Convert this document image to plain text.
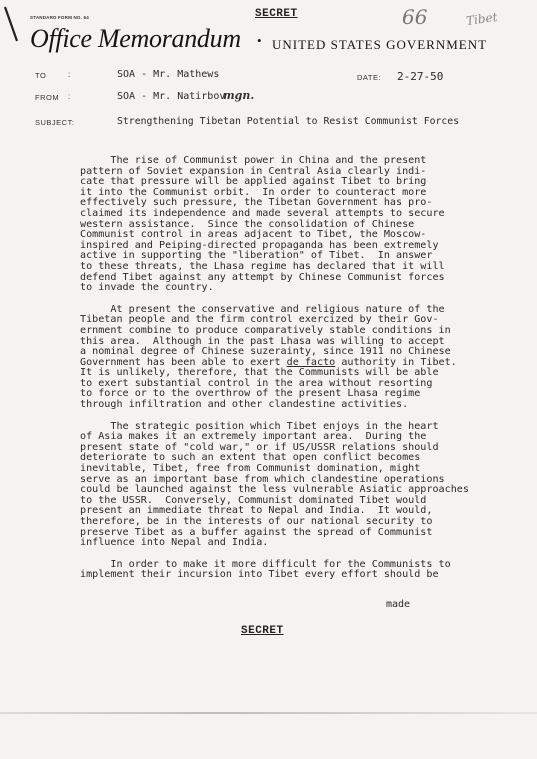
STANDARD FORM NO. 64	SECRET	66	Tibet
Office Memorandum • UNITED STATES GOVERNMENT
TO	:	SOA - Mr. Mathews	DATE: 2-27-50
FROM :	SOA - Mr. Natirbov
mgn.
SUBJECT:	Strengthening Tibetan Potential to Resist Communist Forces
The rise of Communist power in China and the present
pattern of Soviet expansion in Central Asia clearly indi-
cate that pressure will be applied against Tibet to bring
it into the Communist orbit.  In order to counteract more
effectively such pressure, the Tibetan Government has pro-
claimed its independence and made several attempts to secure
western assistance.  Since the consolidation of Chinese
Communist control in areas adjacent to Tibet, the Moscow-
inspired and Peiping-directed propaganda has been extremely
active in supporting the "liberation" of Tibet.  In answer
to these threats, the Lhasa regime has declared that it will
defend Tibet against any attempt by Chinese Communist forces
to invade the country.
At present the conservative and religious nature of the
Tibetan people and the firm control exercized by their Gov-
ernment combine to produce comparatively stable conditions in
this area.  Although in the past Lhasa was willing to accept
a nominal degree of Chinese suzerainty, since 1911 no Chinese
Government has been able to exert de facto authority in Tibet.
It is unlikely, therefore, that the Communists will be able
to exert substantial control in the area without resorting
to force or to the overthrow of the present Lhasa regime
through infiltration and other clandestine activities.
The strategic position which Tibet enjoys in the heart
of Asia makes it an extremely important area.  During the
present state of "cold war," or if US/USSR relations should
deteriorate to such an extent that open conflict becomes
inevitable, Tibet, free from Communist domination, might
serve as an important base from which clandestine operations
could be launched against the less vulnerable Asiatic approaches
to the USSR.  Conversely, Communist dominated Tibet would
present an immediate threat to Nepal and India.  It would,
therefore, be in the interests of our national security to
preserve Tibet as a buffer against the spread of Communist
influence into Nepal and India.
In order to make it more difficult for the Communists to
implement their incursion into Tibet every effort should be
made
SECRET
